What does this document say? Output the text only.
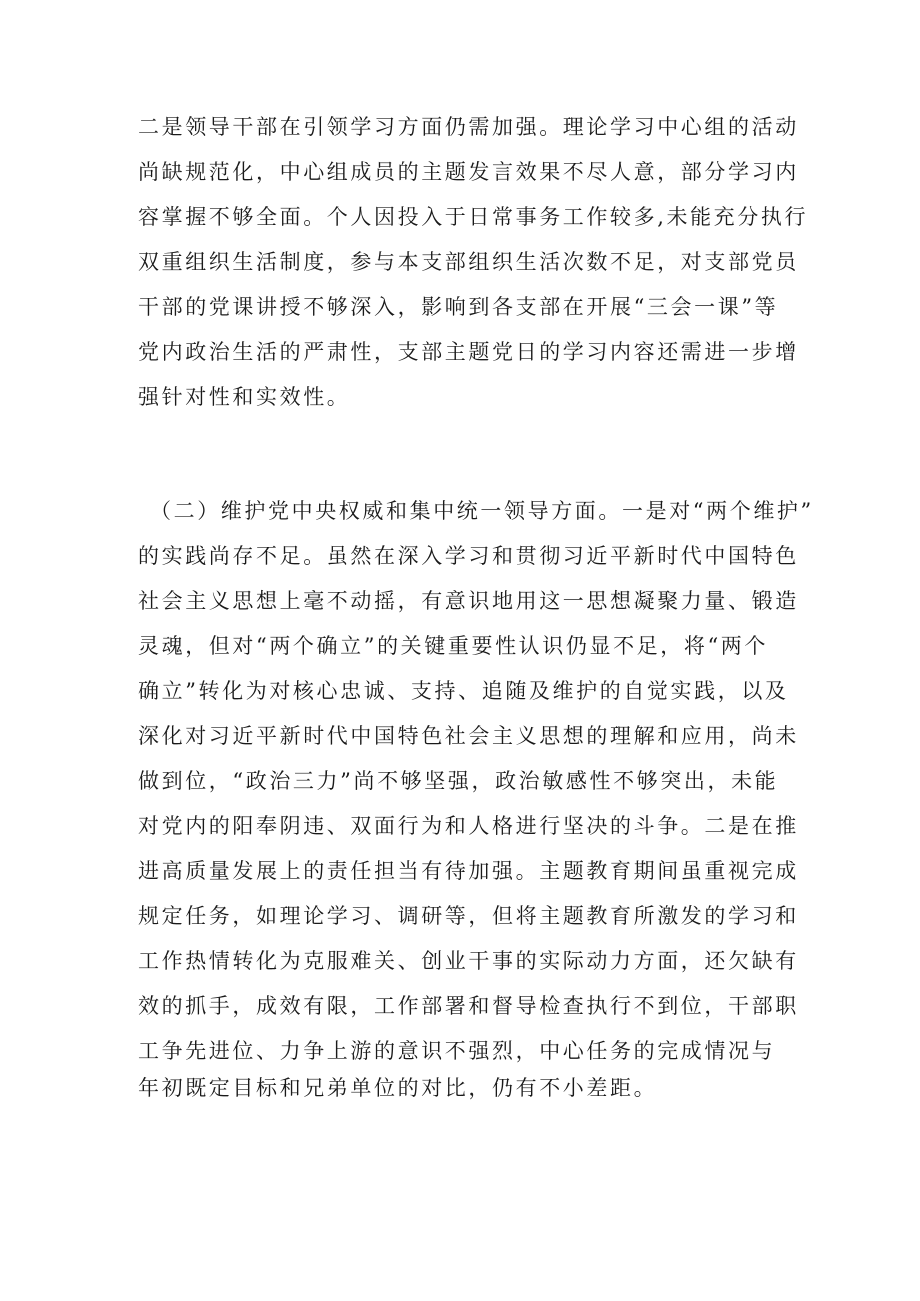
二是领导干部在引领学习方面仍需加强。理论学习中心组的活动
尚缺规范化，中心组成员的主题发言效果不尽人意，部分学习内
容掌握不够全面。个人因投入于日常事务工作较多,未能充分执行
双重组织生活制度，参与本支部组织生活次数不足，对支部党员
干部的党课讲授不够深入，影响到各支部在开展“三会一课”等
党内政治生活的严肃性，支部主题党日的学习内容还需进一步增
强针对性和实效性。
（二）维护党中央权威和集中统一领导方面。一是对“两个维护”
的实践尚存不足。虽然在深入学习和贯彻习近平新时代中国特色
社会主义思想上毫不动摇，有意识地用这一思想凝聚力量、锻造
灵魂，但对“两个确立”的关键重要性认识仍显不足，将“两个
确立”转化为对核心忠诚、支持、追随及维护的自觉实践，以及
深化对习近平新时代中国特色社会主义思想的理解和应用，尚未
做到位，“政治三力”尚不够坚强，政治敏感性不够突出，未能
对党内的阳奉阴违、双面行为和人格进行坚决的斗争。二是在推
进高质量发展上的责任担当有待加强。主题教育期间虽重视完成
规定任务，如理论学习、调研等，但将主题教育所激发的学习和
工作热情转化为克服难关、创业干事的实际动力方面，还欠缺有
效的抓手，成效有限，工作部署和督导检查执行不到位，干部职
工争先进位、力争上游的意识不强烈，中心任务的完成情况与
年初既定目标和兄弟单位的对比，仍有不小差距。
